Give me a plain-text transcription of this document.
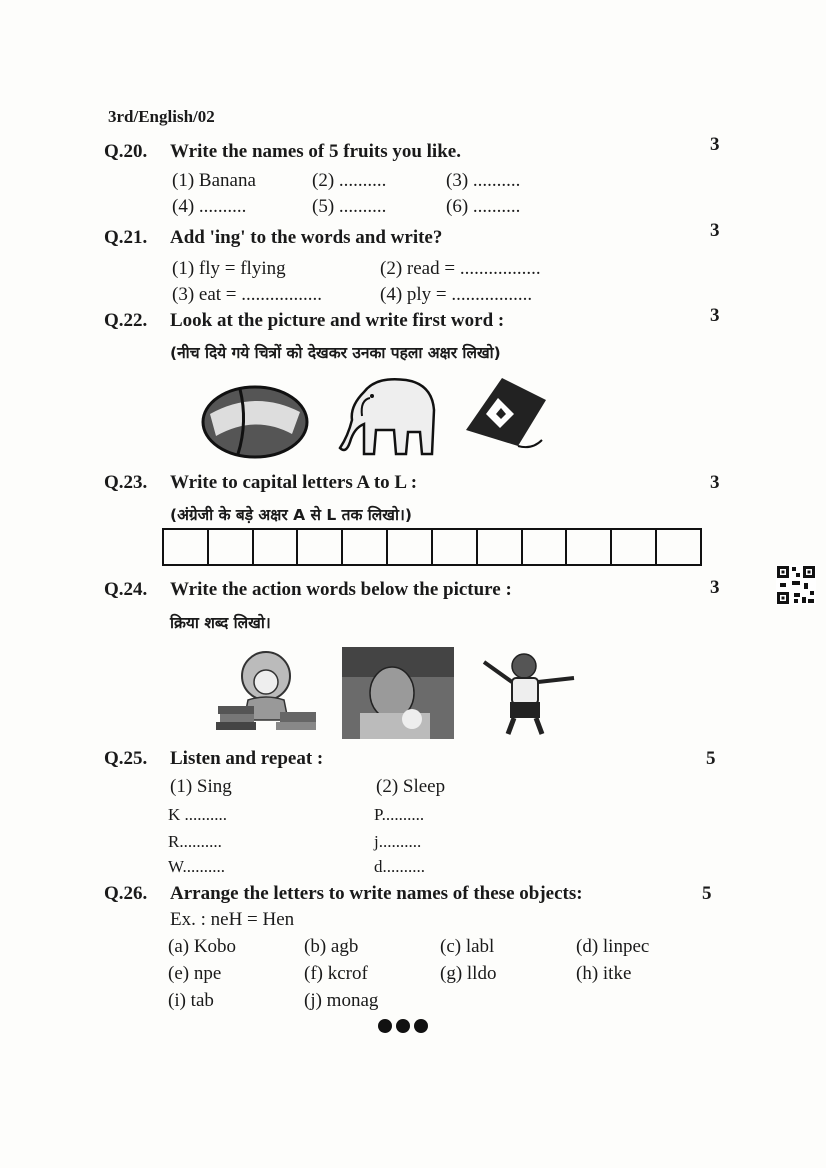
3rd/English/02
Q.20. Write the names of 5 fruits you like.	3
(1) Banana	(2) ..........	(3) ..........
(4) ..........	(5) ..........	(6) ..........
Q.21. Add 'ing' to the words and write?	3
(1) fly = flying	(2) read = .................
(3) eat = .................	(4) ply = .................
Q.22. Look at the picture and write first word :	3
(नीच दिये गये चित्रों को देखकर उनका पहला अक्षर लिखो)
Q.23. Write to capital letters A to L :	3
(अंग्रेजी के बड़े अक्षर A से L तक लिखो।)
Q.24. Write the action words below the picture :	3
क्रिया शब्द लिखो।
Q.25. Listen and repeat :	5
(1) Sing	(2) Sleep
K ..........	P..........
R..........	j..........
W..........	d..........
Q.26. Arrange the letters to write names of these objects:	5
Ex. : neH = Hen
(a) Kobo	(b) agb	(c) labl	(d) linpec
(e) npe	(f) kcrof	(g) lldo	(h) itke
(i) tab	(j) monag
